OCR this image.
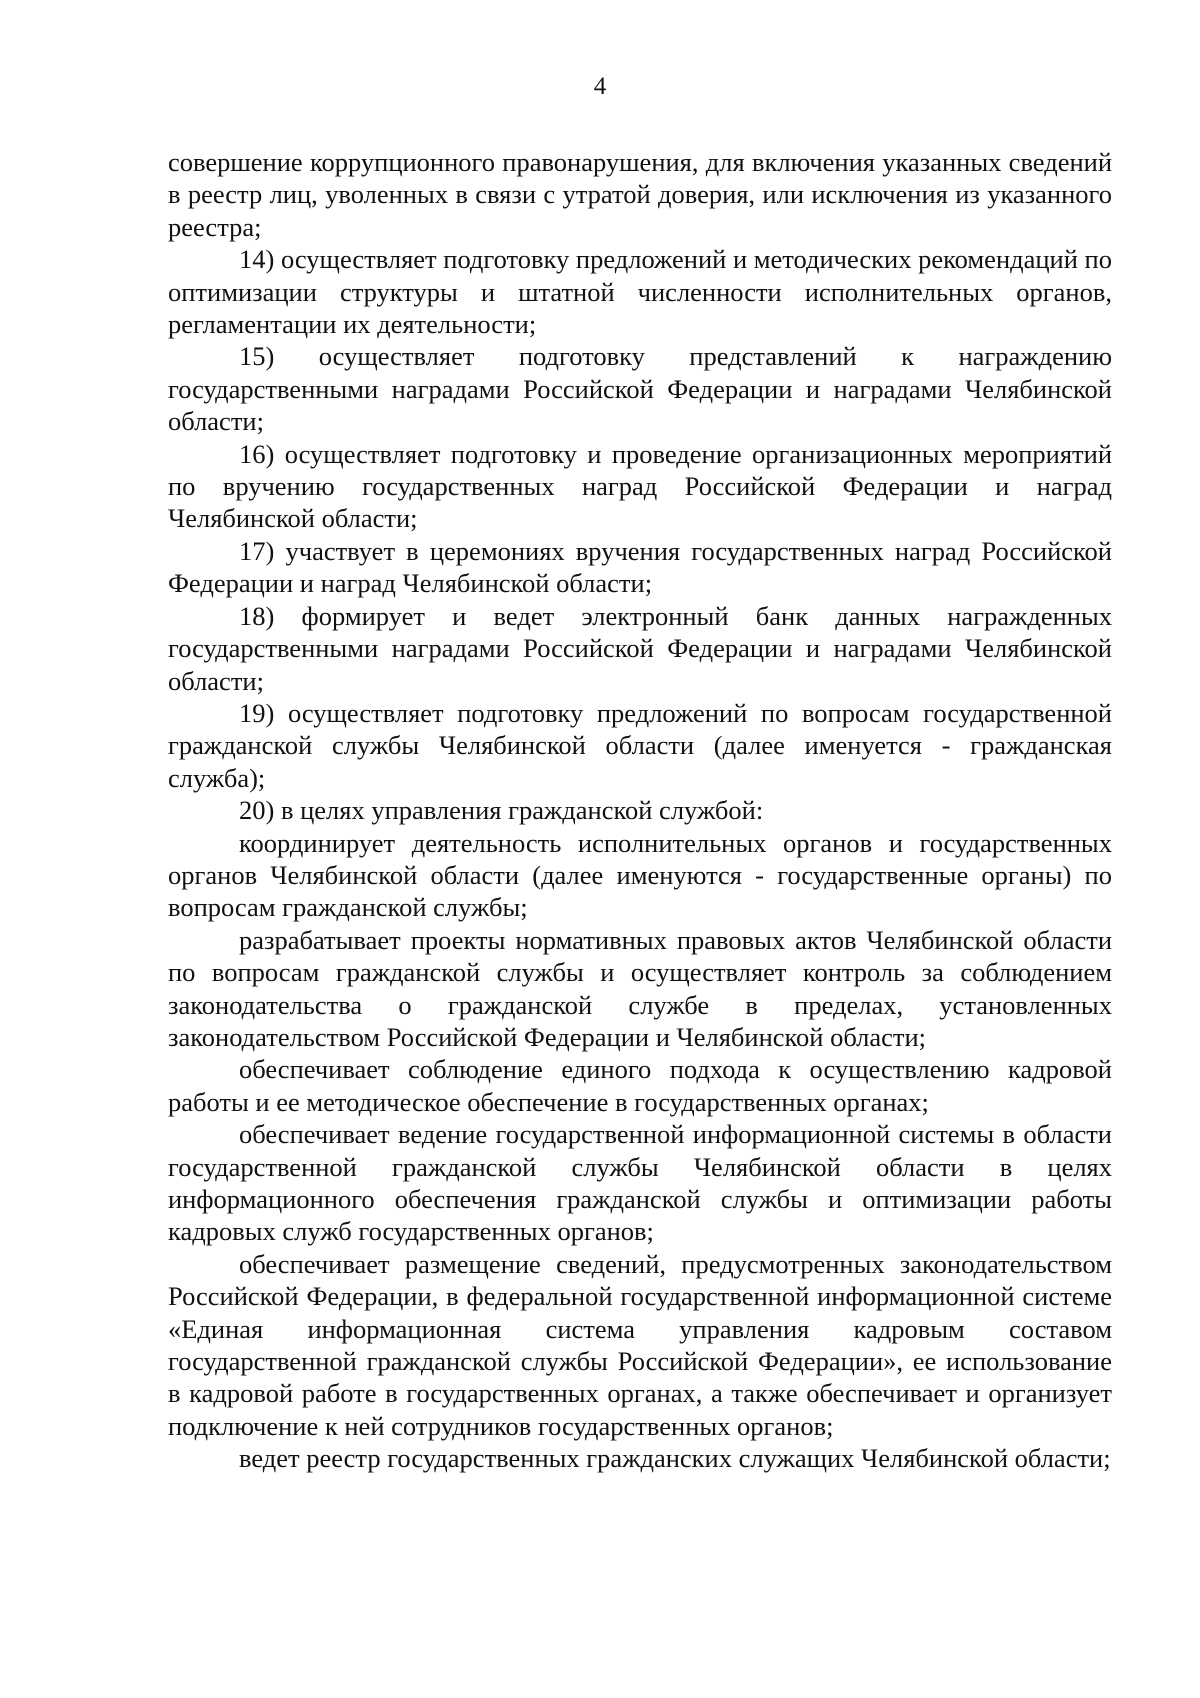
4

совершение коррупционного правонарушения, для включения указанных сведений в реестр лиц, уволенных в связи с утратой доверия, или исключения из указанного реестра;

14) осуществляет подготовку предложений и методических рекомендаций по оптимизации структуры и штатной численности исполнительных органов, регламентации их деятельности;

15) осуществляет подготовку представлений к награждению государственными наградами Российской Федерации и наградами Челябинской области;

16) осуществляет подготовку и проведение организационных мероприятий по вручению государственных наград Российской Федерации и наград Челябинской области;

17) участвует в церемониях вручения государственных наград Российской Федерации и наград Челябинской области;

18) формирует и ведет электронный банк данных награжденных государственными наградами Российской Федерации и наградами Челябинской области;

19) осуществляет подготовку предложений по вопросам государственной гражданской службы Челябинской области (далее именуется - гражданская служба);

20) в целях управления гражданской службой:

координирует деятельность исполнительных органов и государственных органов Челябинской области (далее именуются - государственные органы) по вопросам гражданской службы;

разрабатывает проекты нормативных правовых актов Челябинской области по вопросам гражданской службы и осуществляет контроль за соблюдением законодательства о гражданской службе в пределах, установленных законодательством Российской Федерации и Челябинской области;

обеспечивает соблюдение единого подхода к осуществлению кадровой работы и ее методическое обеспечение в государственных органах;

обеспечивает ведение государственной информационной системы в области государственной гражданской службы Челябинской области в целях информационного обеспечения гражданской службы и оптимизации работы кадровых служб государственных органов;

обеспечивает размещение сведений, предусмотренных законодательством Российской Федерации, в федеральной государственной информационной системе «Единая информационная система управления кадровым составом государственной гражданской службы Российской Федерации», ее использование в кадровой работе в государственных органах, а также обеспечивает и организует подключение к ней сотрудников государственных органов;

ведет реестр государственных гражданских служащих Челябинской области;
